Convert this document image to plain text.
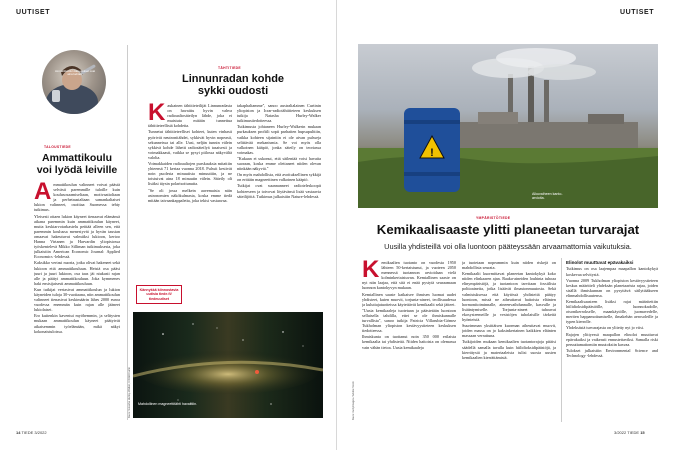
UUTISET
Ammattikoulun kasvatukset ovat aina kehtan.
TALOUSTIEDE
Ammattikoulu
voi lyödä leiville
A mmattikoulun valinneet voivat päästä selvästi paremmille tuloille kuin koulusosaamiseltaan, motivaatioltaan ja perhetaustaltaan samankaltaiset lukion valinneet, osoittaa Suomessa tehty tutkimus.

Yleisesti ottaen lukion käyneet tienaavat elämänsä aikana paremmin kuin ammattikoulun käyneet, mutta keskiarvotarkastelu peittää alleen sen, että paremmin koulussa menestyvät ja hyvän taustan omaavat hakeutuvat valmiiksi lukioon, kertoo Hanna Virtanen ja Harvardin yliopistossa työskentelevä Mikko Silliman tutkimuksesta, joka julkaistiin American Economic Journal: Applied Economics -lehdessä.

Kaksikko vertasi nuoria, jotka olivat hakeneet sekä lukioon että ammattikouluun. Heistä osa pääsi juuri ja juuri lukioon, osa taas jäi niukasti rajan alle ja päätyi ammattikouluun. Joka kymmenes haki ensisijaisesti ammattikouluun.

Kun tutkijat vertasivat ammattikoulun ja lukion käyneiden tuloja 30-vuotiaana, niin ammattikoulun valinneet tienasivat keskimäärin lähes 2000 euroa vuodessa enemmän kuin rajan alle jääneet lukiolaiset.

Ero kuitenkin kaventui myöhemmin, ja selitysten mukaan ammattikoulun käyneet päätyivät aikaisemmin työelämään, mikä näkyi kokonaistuloissa.

TÄHTITIEDE
Linnunradan kohde
sykki oudosti
K aukainen tähtitieteilijät Linnunradasta on havaittu hyvin vahva radioaaltosäteilyn lähde, joka ei muistuta mitään tunnettua tähtitieteellistä kohdetta.

Tunnetut tähtitieteelliset kohteet, kuten vinhasti pyörivät neutronitähdet, sykkivät hyvin nopeasti, sekunneissa tai alle. Uusi, neljän tunnin välein sykkivä kohde lähetti radiosäteilyä tasaisesti ja voimakkaasti, vaikka se pysyi piilossa näkyvältä valolta.

Voimakkaiden radioaaltojen purskauksia mitattiin yhteensä 71 kertaa vuonna 2018. Pulssit kestivät noin puolesta minuutista minuuttiin, ja ne toistuivat aina 18 minuutin välein. Säteily oli lisäksi täysin polarisoitunutta.

"Se oli jossa melkein aavemaista näin astronomien näkökulmasta, koska emme tiedä mitään taivaankappaletta, joka tekisi vastaavaa.

takaphaltamme", sanoo australialainen Curtinin yliopiston ja Icrar-radiotähtitieteen keskuksen tutkija Natasha Hurley-Walker tutkimustiedotteessa.

Tutkimusta johtaneen Hurley-Walkerin mukaan purkauksen profiili sopii parhaiten hupsupulttiin, vaikka kohteen sijaintiin ei ole aivan pulsseja selittävää mekanismia. Se voi myös olla valkoinen kääpiö, jonka säteily on teoriassa voimakas.

"Kukaan ei uskonut, että säilentää voisi havaita suoraan, koska emme olettaneet niiden olevan niinkään näkyviä."

On myös mahdollista, että avoituksellinen sykkijä on erittäin magneettinen valkoinen kääpiö.

Tutkijat ovat suunnanneet radioteleskoopit kohteeseen ja toivovat löytävänsä lisää vastaavia säteilijöitä. Tutkimus julkaistiin Nature-lehdessä.

Kännykkä kiinnostavia uutisia tiede.fi/ tiedeuutiset
Mahdollinen magneettitähti havaittiin.
Kuva: Natasha Hurley-Walker, ICRAR/Curtin
14 TIEDE 3/2022
UUTISET
!
Alkuvaiheen kanto-
arvioita.
Kuva: Gettyimages / Adobe Stock
YMPÄRISTÖTIEDE
Kemikaalisaaste ylitti planeetan turvarajat
Uusilla yhdisteillä voi olla luontoon pääteyssään arvaamattomia vaikutuksia.
K emikaalien tuotanto on vuodesta 1950 lähteen 50-kertaistunut, ja vuoteen 2050 mennessä tuotannon arvioidaan vielä kolminkertaistuvan. Kemiallinen saaste on nyt niin laajaa, että sitä ei enää pystytä seuraamaan luonnon kantokyvyn mukaan.

Kemiallinen saaste katkaisee ihmisen luomat uudet yhdisteet, kuten muovit, torjunta-aineet, teollisuudessa ja kuluttajatuotteissa käytettävät kemikaalit sekä jätteet.

"Uusia kemikaaleja tuotetaan ja päästetään luontoon sellaisella tahdilla, ettei se ole ihmiskunnalle turvallista", sanoo tutkija Patricia Villarubia-Gómez Tukholman yliopiston kestävyystieteen keskuksen tiedotteessa.

Ihmiskunta on tuottanut noin 350 000 erilaista kemikaalia tai yhdistettä. Niiden haitoista on olemassa vain vähän tietoa. Uusia kemikaaleja

ja tuotetaan nopeammin kuin niiden riskejä on mahdollista seurata.

Kemikaalit kuormittavat planeetan kantokykyä koko niiden elinkaaren ajan. Raaka-aineiden louhinta tuhoaa elinympäristöjä, ja tuotantoon tarvitaan fossiilisia polttoaineita, jotka lisäävät ilmastonmuutosta. Sekä valmistuksessa että käytössä yhdisteitä päätyy luontoon, missä ne aiheuttavat haitoista eläinten hormonitoiminnalle, aineenvaihdunnalle, kasvulle ja lisääntymiselle. Torjunta-aineet tuhoavat ekosysteemeille ja vesistöjen tuholaisille tärkeitä hyönteisiä.

Suurimman yksittäisen kuorman aiheuttavat muovit, joiden massa on jo kaksinkertainen kaikkien eläinten massaan verrattuna.

Tutkijoiden mukaan kemikaalien tuotantorajoja pitäisi säädellä samalla tavalla kuin hiilidioksidipäästöjä, ja kierrätystä ja materiaaleista tulisi suosia uusien kemikaalien kierrättämistä.

Elinolot muuttuvat epävakaiksi

Tutkimus on osa laajempaa maapallon kantokykyä koskevaa selvitystä.

Vuonna 2009 Tukholman yliopiston kestävyystieteen keskus määritteli yhdeksän planetaarista rajaa, joiden sisällä ihmiskunnan on pysyttävä säilyttääkseen elinmahdollisuutensa.

Kemikaalisaasteen lisäksi rajat määritettiin hiilidioksidipäästöille, luonnokadolle, otsonikerrokselle, maankäytölle, juomavedelle, meriten happamoitumiselle, ilmakehän aerosoleille ja typen kierrolle.

Yhdeksästä turvarajasta on ylitetty nyt jo viisi.

Rajojen ylittyessä maapallon elinolot muuttuvat epävakaiksi ja vaikeasti ennustettaviksi. Samalla riski peruuttamattomiin muutoksiin kasvaa.

Tulokset julkaistiin Environmental Science and Technology -lehdessä.

3/2022 TIEDE 15
